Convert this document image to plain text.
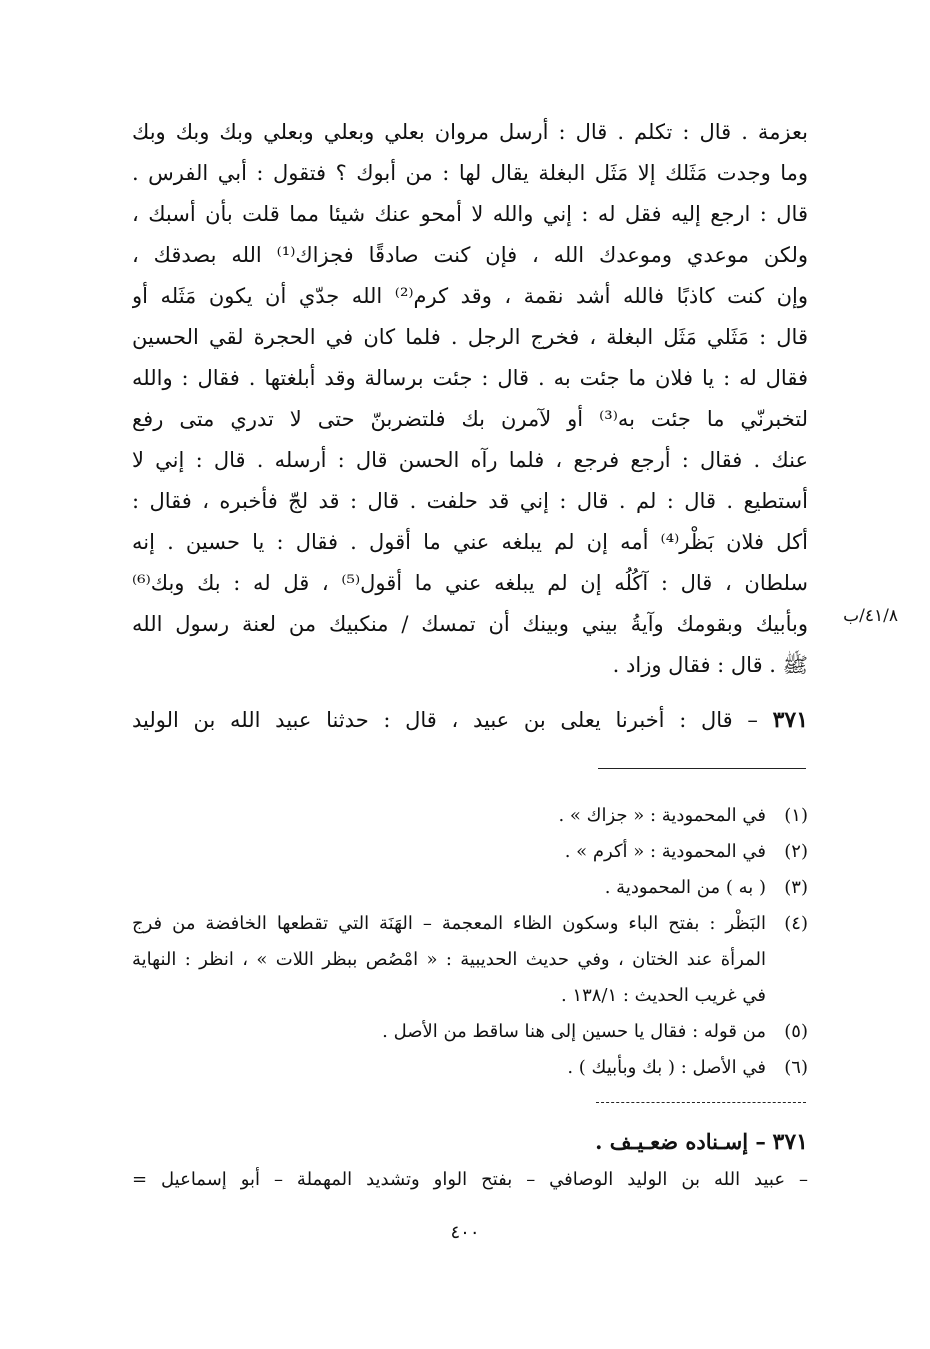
بعزمة . قال : تكلم . قال : أرسل مروان بعلي وبعلي وبعلي وبك وبك وبك
وما وجدت مَثَلك إلا مَثَل البغلة يقال لها : من أبوك ؟ فتقول : أبي الفرس .
قال : ارجع إليه فقل له : إني والله لا أمحو عنك شيئا مما قلت بأن أسبك ،
ولكن موعدي وموعدك الله ، فإن كنت صادقًا فجزاك⁽¹⁾ الله بصدقك ،
وإن كنت كاذبًا فالله أشد نقمة ، وقد كرم⁽²⁾ الله جدّي أن يكون مَثَله أو
قال : مَثَلي مَثَل البغلة ، فخرج الرجل . فلما كان في الحجرة لقي الحسين
فقال له : يا فلان ما جئت به . قال : جئت برسالة وقد أبلغتها . فقال : والله
لتخبرنّي ما جئت به⁽³⁾ أو لآمرن بك فلتضربنّ حتى لا تدري متى رفع
عنك . فقال : أرجع فرجع ، فلما رآه الحسن قال : أرسله . قال : إني لا
أستطيع . قال : لم . قال : إني قد حلفت . قال : قد لجّ فأخبره ، فقال :
أكل فلان بَظْر⁽⁴⁾ أمه إن لم يبلغه عني ما أقول . فقال : يا حسين . إنه
سلطان ، قال : آكُلُه إن لم يبلغه عني ما أقول⁽⁵⁾ ، قل له : بك وبك⁽⁶⁾
وبأبيك وبقومك وآيةُ بيني وبينك أن تمسك / منكبيك من لعنة رسول الله
ﷺ . قال : فقال وزاد .
٤١/٨/ب
٣٧١ – قال : أخبرنا يعلى بن عبيد ، قال : حدثنا عبيد الله بن الوليد
(١)
في المحمودية : « جزاك » .
(٢)
في المحمودية : « أكرم » .
(٣)
( به ) من المحمودية .
(٤)
البَظْر : بفتح الباء وسكون الظاء المعجمة – الهَنَة التي تقطعها الخافضة من فرج
المرأة عند الختان ، وفي حديث الحديبية : « امْصُص ببظر اللات » ، انظر : النهاية
في غريب الحديث : ١٣٨/١ .
(٥)
من قوله : فقال يا حسين إلى هنا ساقط من الأصل .
(٦)
في الأصل : ( بك وبأبيك ) .
٣٧١ – إسـناده ضعـيـف .
– عبيد الله بن الوليد الوصافي – بفتح الواو وتشديد المهملة – أبو إسماعيل =
٤٠٠
